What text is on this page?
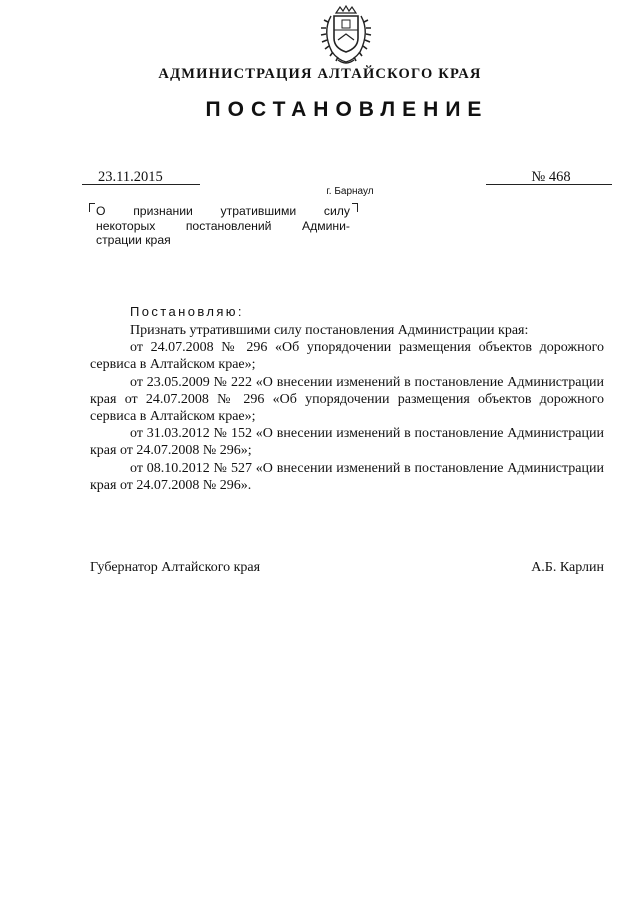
АДМИНИСТРАЦИЯ АЛТАЙСКОГО КРАЯ
ПОСТАНОВЛЕНИЕ
23.11.2015	№ 468
г. Барнаул
О признании утратившими силу
некоторых постановлений Админи-
страции края
Постановляю:

Признать утратившими силу постановления Администрации края:

от 24.07.2008 № 296 «Об упорядочении размещения объектов дорожного сервиса в Алтайском крае»;

от 23.05.2009 № 222 «О внесении изменений в постановление Администрации края от 24.07.2008 № 296 «Об упорядочении размещения объектов дорожного сервиса в Алтайском крае»;

от 31.03.2012 № 152 «О внесении изменений в постановление Администрации края от 24.07.2008 № 296»;

от 08.10.2012 № 527 «О внесении изменений в постановление Администрации края от 24.07.2008 № 296».

Губернатор Алтайского края	А.Б. Карлин
